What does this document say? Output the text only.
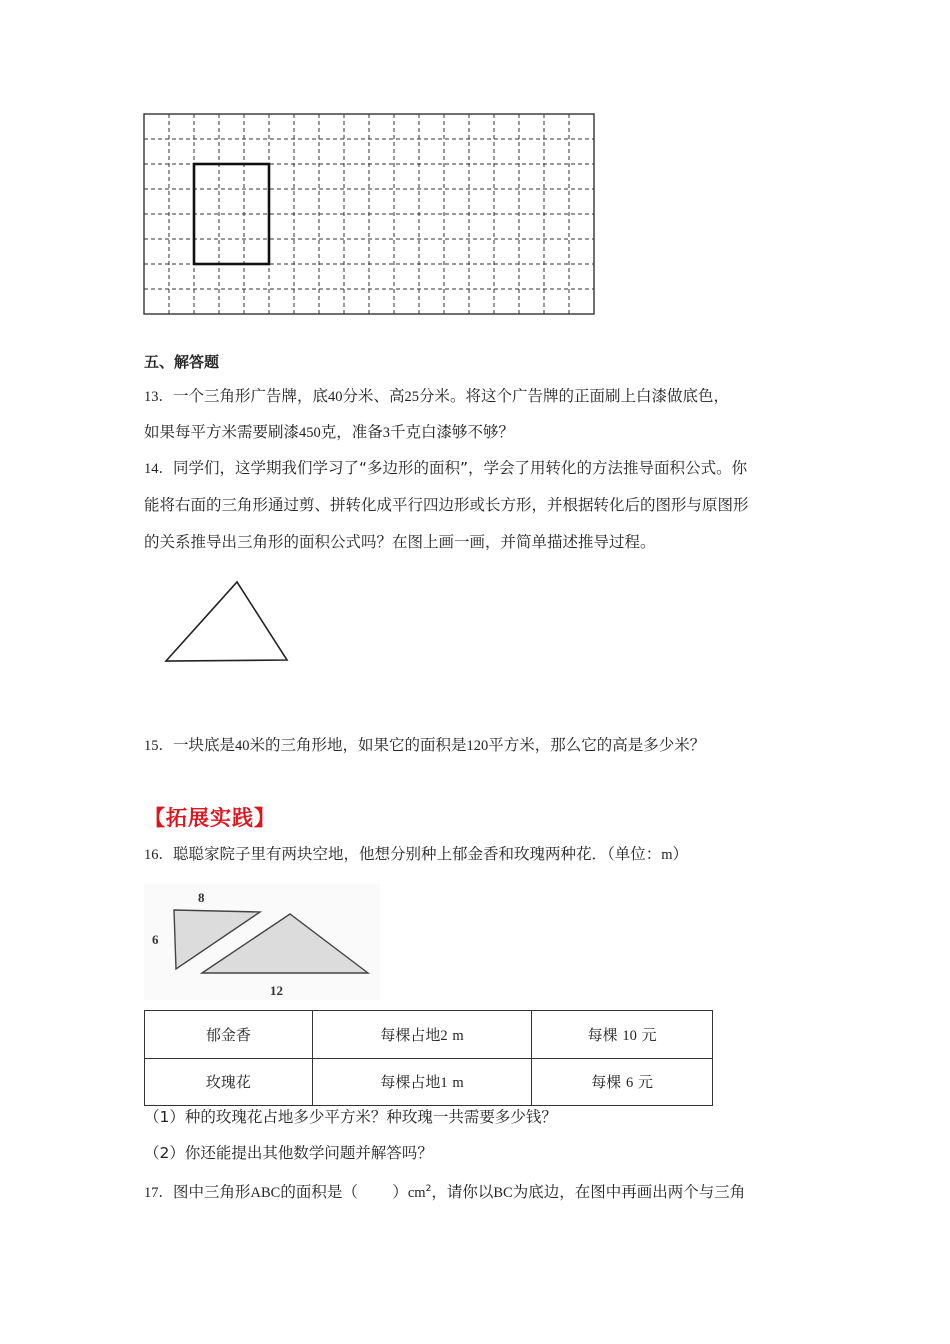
五、解答题
13．一个三角形广告牌，底40分米、高25分米。将这个广告牌的正面刷上白漆做底色，
如果每平方米需要刷漆450克，准备3千克白漆够不够？
14．同学们，这学期我们学习了“多边形的面积”，学会了用转化的方法推导面积公式。你
能将右面的三角形通过剪、拼转化成平行四边形或长方形，并根据转化后的图形与原图形
的关系推导出三角形的面积公式吗？在图上画一画，并简单描述推导过程。
15．一块底是40米的三角形地，如果它的面积是120平方米，那么它的高是多少米？
【拓展实践】
16．聪聪家院子里有两块空地，他想分别种上郁金香和玫瑰两种花．（单位：m）
8
6
12
郁金香	每棵占地2 m	每棵 10 元
玫瑰花	每棵占地1 m	每棵 6 元
（1）种的玫瑰花占地多少平方米？种玫瑰一共需要多少钱？
（2）你还能提出其他数学问题并解答吗？
17．图中三角形ABC的面积是（ ）$cm^2$，请你以BC为底边，在图中再画出两个与三角
